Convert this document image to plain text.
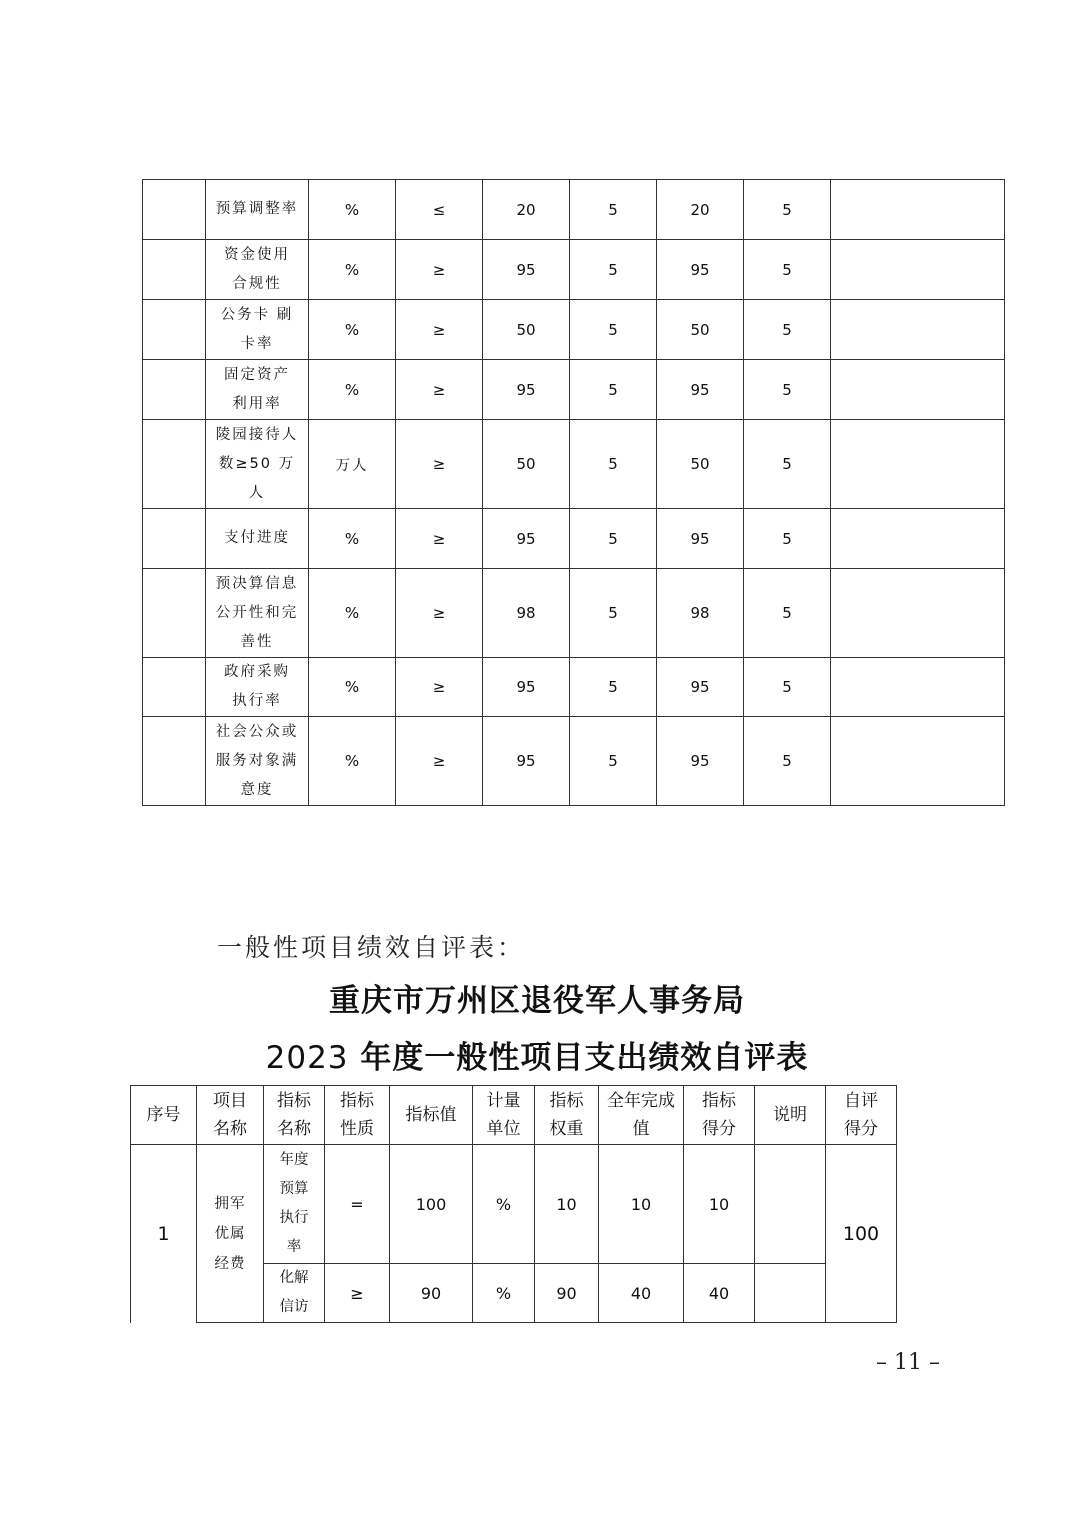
	预算调整率	%	≤	20	5	20	5	
	资金使用合规性	%	≥	95	5	95	5	
	公务卡 刷卡率	%	≥	50	5	50	5	
	固定资产利用率	%	≥	95	5	95	5	
	陵园接待人数≥50 万人	万人	≥	50	5	50	5	
	支付进度	%	≥	95	5	95	5	
	预决算信息公开性和完善性	%	≥	98	5	98	5	
	政府采购执行率	%	≥	95	5	95	5	
	社会公众或服务对象满意度	%	≥	95	5	95	5	
一般性项目绩效自评表：
重庆市万州区退役军人事务局
2023 年度一般性项目支出绩效自评表
序号	项目名称	指标名称	指标性质	指标值	计量单位	指标权重	全年完成值	指标得分	说明	自评得分
1	拥军优属经费	年度预算执行率	=	100	%	10	10	10		100
		化解信访	≥	90	%	90	40	40		
– 11 –
